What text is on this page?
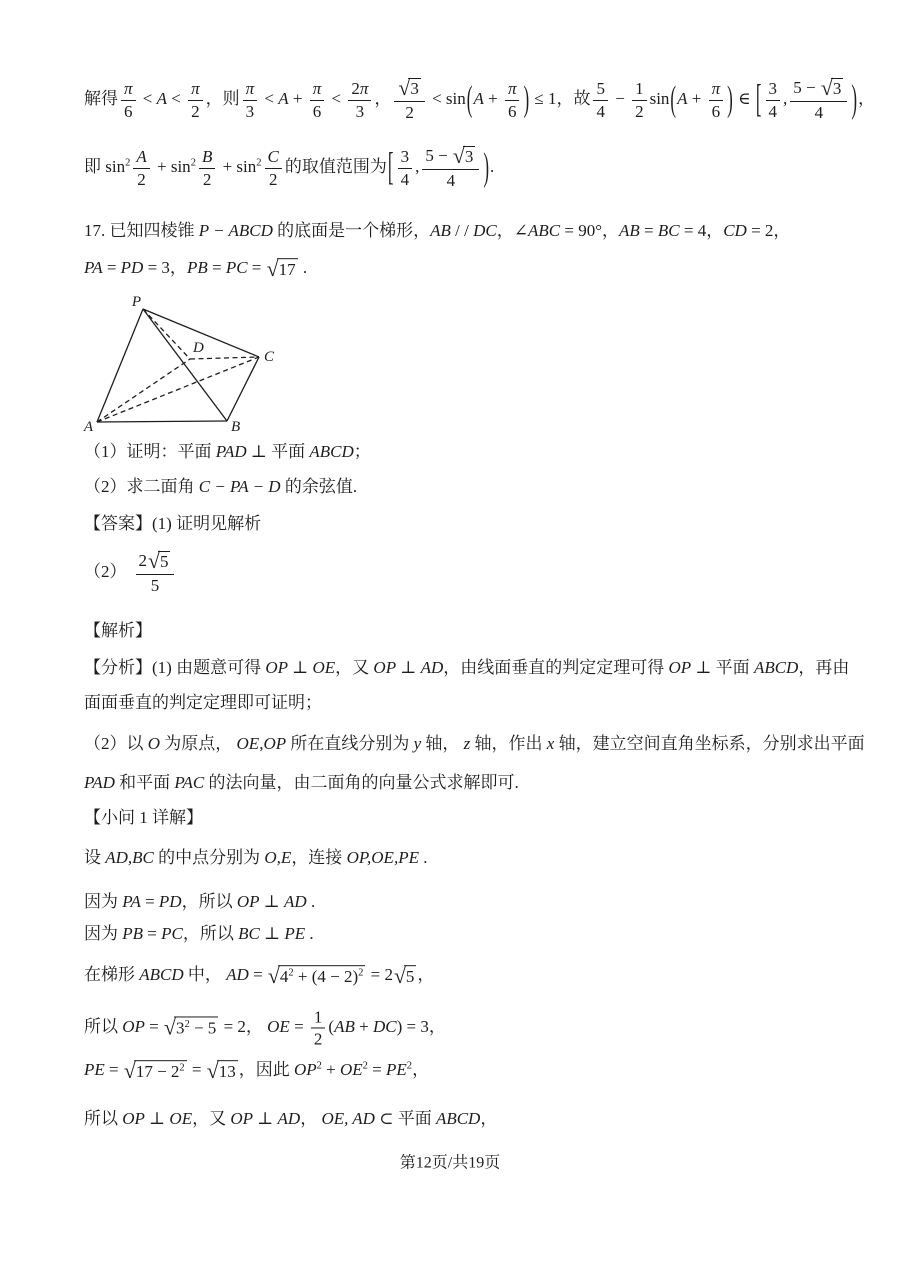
解得 $\frac{\pi}{6} < A < \frac{\pi}{2}$ ，则 $\frac{\pi}{3} < A + \frac{\pi}{6} < \frac{2\pi}{3}$ ， $\frac{√ 3}{2} < \sin(A + \frac{\pi}{6}$ ) ≤ 1，故 $\frac{5}{4} - \frac{1}{2} \sin(A + \frac{\pi}{6}$ ) ∈ [ $\frac{3}{4}$ , $\frac{5 - √ 3}{4}$ )，
即 $\sin^2 \frac{A}{2} + \sin^2 \frac{B}{2} + \sin^2 \frac{C}{2}$ 的取值范围为[ $\frac{3}{4}$ , $\frac{5 - √ 3}{4}$ ).
17. 已知四棱锥 P − ABCD 的底面是一个梯形，AB / / DC，∠ABC = 90°，AB = BC = 4，CD = 2，
PA = PD = 3，PB = PC = √ 17 .
（1）证明：平面 PAD ⊥ 平面 ABCD；
（2）求二面角 C − PA − D 的余弦值.
【答案】(1) 证明见解析
$(2) \frac{2 √ 5}{5}$
【解析】
【分析】(1) 由题意可得 OP ⊥ OE，又 OP ⊥ AD，由线面垂直的判定定理可得 OP ⊥ 平面 ABCD，再由
面面垂直的判定定理即可证明；
（2）以 O 为原点， OE,OP 所在直线分别为 y 轴， z 轴，作出 x 轴，建立空间直角坐标系，分别求出平面
PAD 和平面 PAC 的法向量，由二面角的向量公式求解即可.
【小问 1 详解】
设 AD,BC 的中点分别为 O,E，连接 OP,OE,PE .
因为 PA = PD，所以 OP ⊥ AD .
因为 PB = PC，所以 BC ⊥ PE .
在梯形 ABCD 中， AD = √ $4^2 + (4 - 2)^2 = 2$ √ 5 ，
所以 OP = √ $3^2 - 5 = 2$， OE = $\frac{1}{2} (AB + DC) = 3$，
PE = √ $17 - 2^2$ = √ 13 ，因此 $OP^2 + OE^2 = PE^2$，
所以 OP ⊥ OE，又 OP ⊥ AD， OE, AD ⊂ 平面 ABCD，
P
A	B
C
D
第12页/共19页
